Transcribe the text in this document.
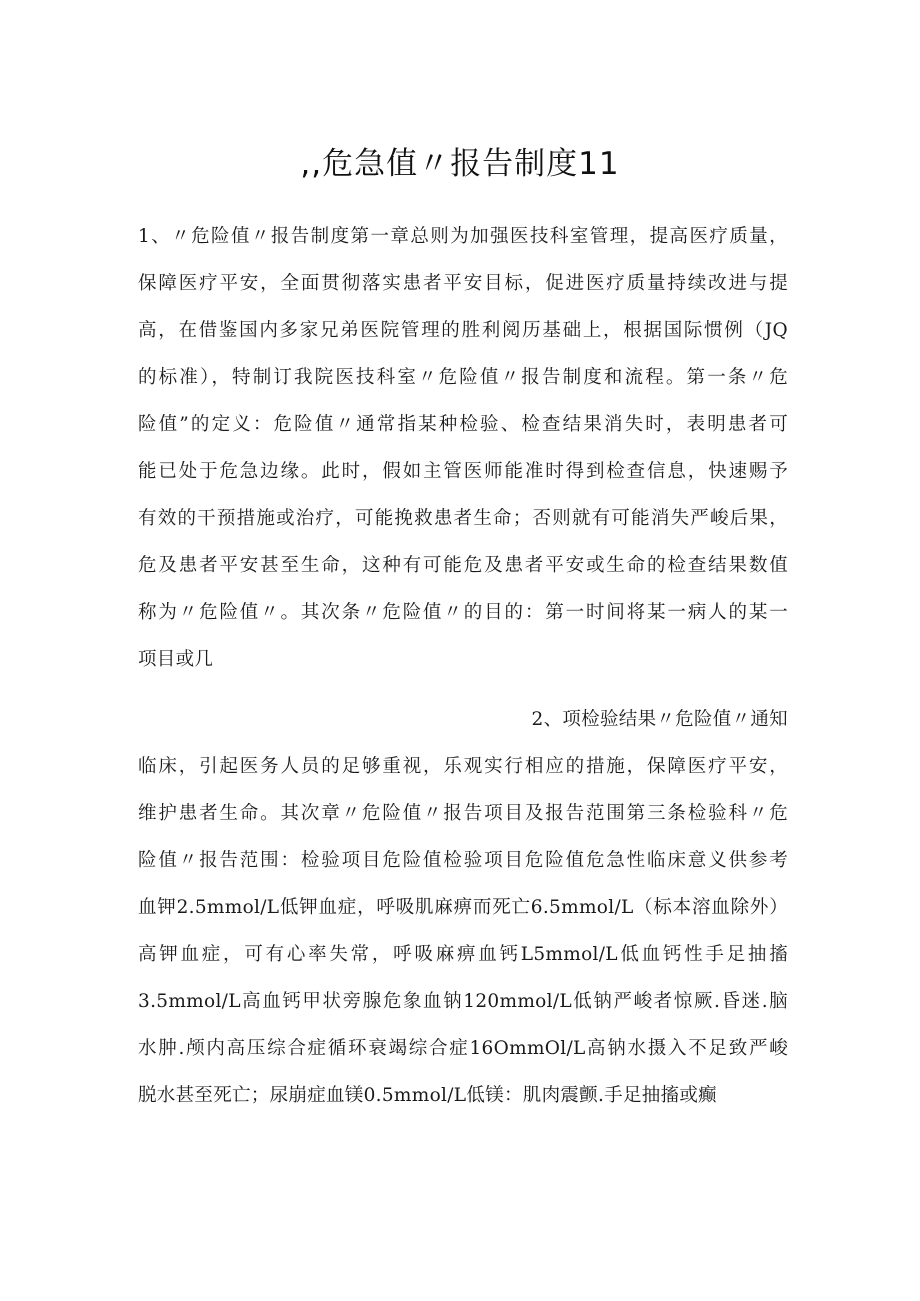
,,危急值〃报告制度11
1、〃危险值〃报告制度第一章总则为加强医技科室管理，提高医疗质量，
保障医疗平安，全面贯彻落实患者平安目标，促进医疗质量持续改进与提
高，在借鉴国内多家兄弟医院管理的胜利阅历基础上，根据国际惯例（JQ
的标准），特制订我院医技科室〃危险值〃报告制度和流程。第一条〃危
险值”的定义：危险值〃通常指某种检验、检查结果消失时，表明患者可
能已处于危急边缘。此时，假如主管医师能准时得到检查信息，快速赐予
有效的干预措施或治疗，可能挽救患者生命；否则就有可能消失严峻后果，
危及患者平安甚至生命，这种有可能危及患者平安或生命的检查结果数值
称为〃危险值〃。其次条〃危险值〃的目的：第一时间将某一病人的某一
项目或几
2、项检验结果〃危险值〃通知
临床，引起医务人员的足够重视，乐观实行相应的措施，保障医疗平安，
维护患者生命。其次章〃危险值〃报告项目及报告范围第三条检验科〃危
险值〃报告范围：检验项目危险值检验项目危险值危急性临床意义供参考
血钾2.5mmol∕L低钾血症，呼吸肌麻痹而死亡6.5mmol∕L（标本溶血除外）
高钾血症，可有心率失常，呼吸麻痹血钙L5mmol∕L低血钙性手足抽搐
3.5mmol∕L高血钙甲状旁腺危象血钠120mmol∕L低钠严峻者惊厥.昏迷.脑
水肿.颅内高压综合症循环衰竭综合症16OmmOl/L高钠水摄入不足致严峻
脱水甚至死亡；尿崩症血镁0.5mmol∕L低镁：肌肉震颤.手足抽搐或癫
